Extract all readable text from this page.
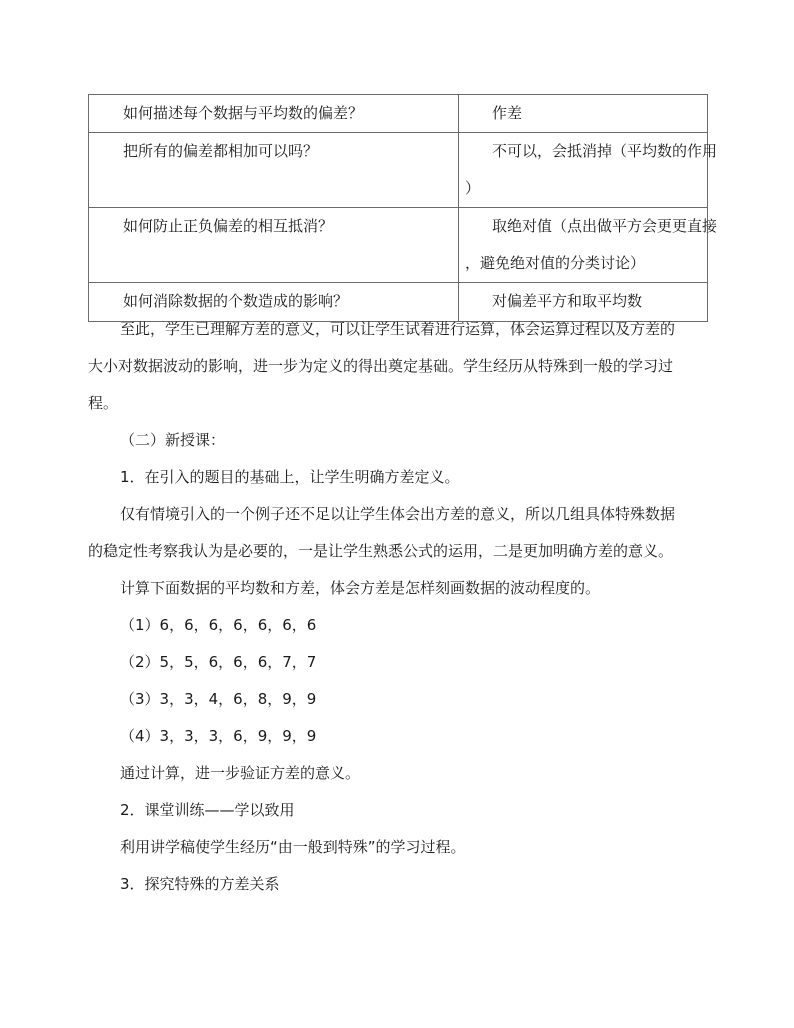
如何描述每个数据与平均数的偏差？	作差

把所有的偏差都相加可以吗？	不可以，会抵消掉（平均数的作用
）

如何防止正负偏差的相互抵消？	取绝对值（点出做平方会更更直接
，避免绝对值的分类讨论）

如何消除数据的个数造成的影响？	对偏差平方和取平均数
至此，学生已理解方差的意义，可以让学生试着进行运算，体会运算过程以及方差的
大小对数据波动的影响，进一步为定义的得出奠定基础。学生经历从特殊到一般的学习过
程。
（二）新授课：
1．在引入的题目的基础上，让学生明确方差定义。
仅有情境引入的一个例子还不足以让学生体会出方差的意义，所以几组具体特殊数据
的稳定性考察我认为是必要的，一是让学生熟悉公式的运用，二是更加明确方差的意义。
计算下面数据的平均数和方差，体会方差是怎样刻画数据的波动程度的。
（1）6，6，6，6，6，6，6
（2）5，5，6，6，6，7，7
（3）3，3，4，6，8，9，9
（4）3，3，3，6，9，9，9
通过计算，进一步验证方差的意义。
2．课堂训练——学以致用
利用讲学稿使学生经历“由一般到特殊”的学习过程。
3．探究特殊的方差关系
